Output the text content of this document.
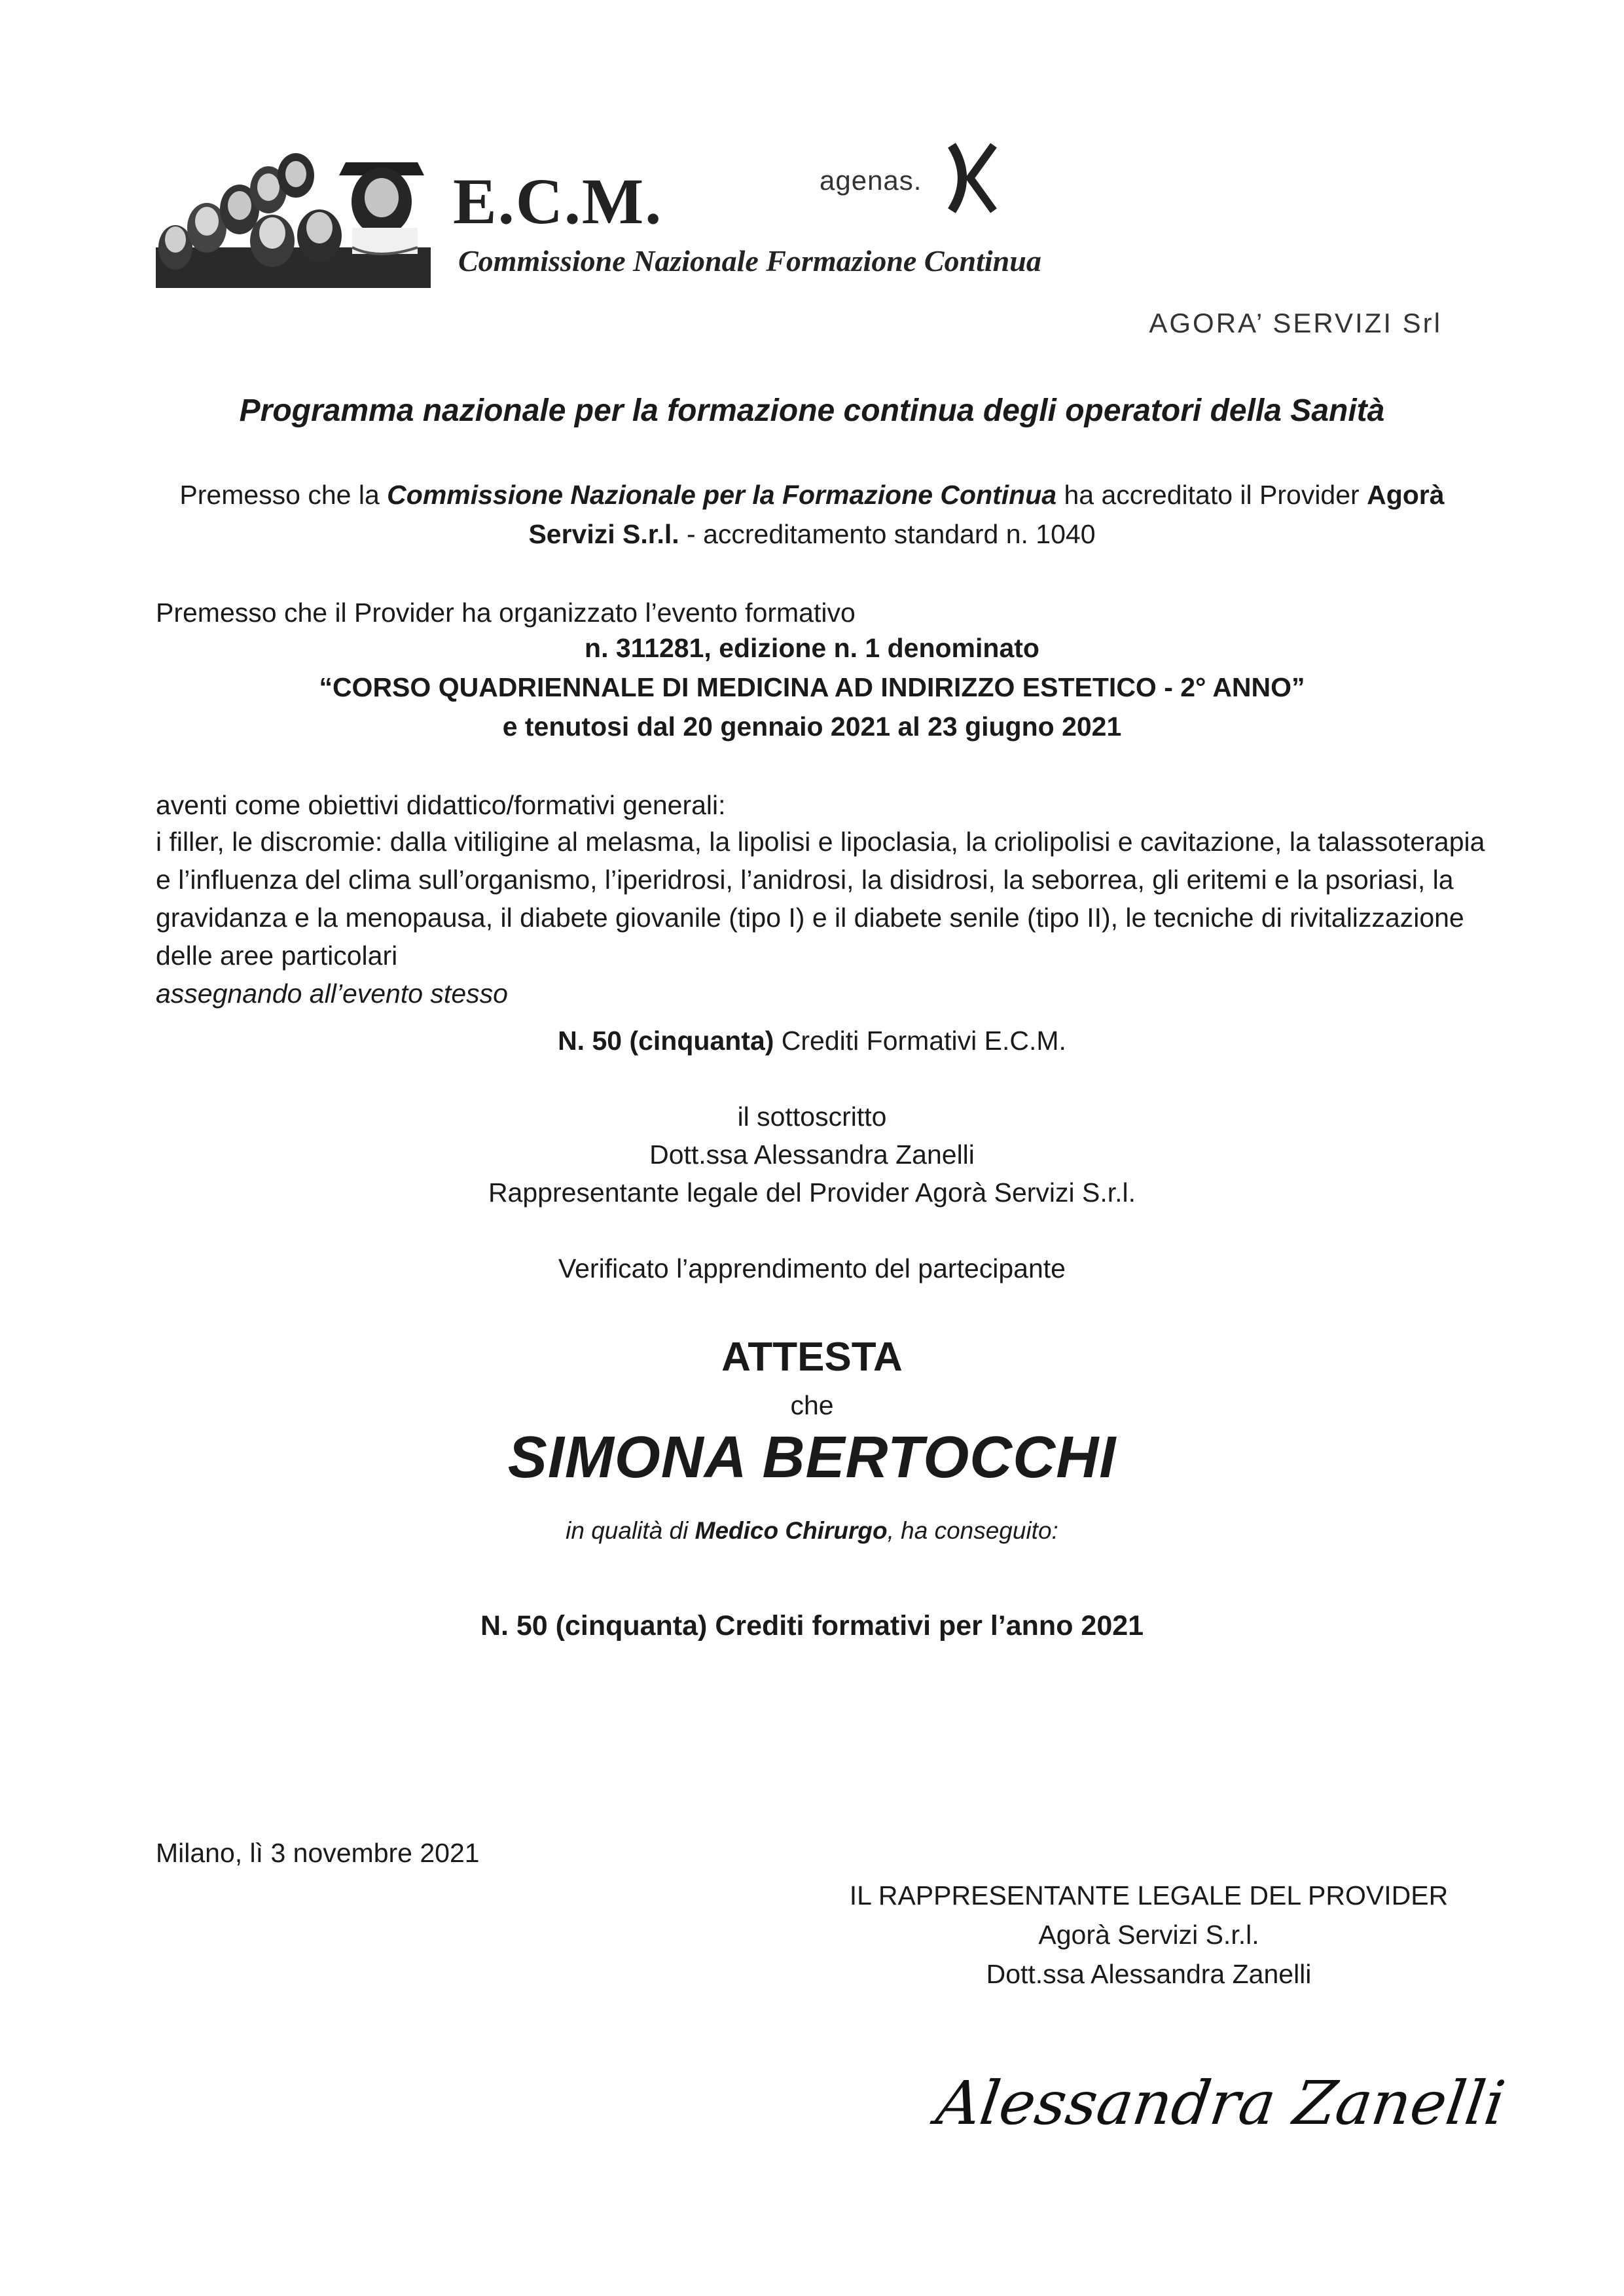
E.C.M.
Commissione Nazionale Formazione Continua
agenas.
AGORA’ SERVIZI Srl
Programma nazionale per la formazione continua degli operatori della Sanità
Premesso che la Commissione Nazionale per la Formazione Continua ha accreditato il Provider Agorà
Servizi S.r.l. - accreditamento standard n. 1040
Premesso che il Provider ha organizzato l’evento formativo
n. 311281, edizione n. 1 denominato
“CORSO QUADRIENNALE DI MEDICINA AD INDIRIZZO ESTETICO - 2° ANNO”
e tenutosi dal 20 gennaio 2021 al 23 giugno 2021
aventi come obiettivi didattico/formativi generali:
i filler, le discromie: dalla vitiligine al melasma, la lipolisi e lipoclasia, la criolipolisi e cavitazione, la talassoterapia
e l’influenza del clima sull’organismo, l’iperidrosi, l’anidrosi, la disidrosi, la seborrea, gli eritemi e la psoriasi, la
gravidanza e la menopausa, il diabete giovanile (tipo I) e il diabete senile (tipo II), le tecniche di rivitalizzazione
delle aree particolari
assegnando all’evento stesso
N. 50 (cinquanta) Crediti Formativi E.C.M.
il sottoscritto
Dott.ssa Alessandra Zanelli
Rappresentante legale del Provider Agorà Servizi S.r.l.
Verificato l’apprendimento del partecipante
ATTESTA
che
SIMONA BERTOCCHI
in qualità di Medico Chirurgo, ha conseguito:
N. 50 (cinquanta) Crediti formativi per l’anno 2021
Milano, lì 3 novembre 2021
IL RAPPRESENTANTE LEGALE DEL PROVIDER
Agorà Servizi S.r.l.
Dott.ssa Alessandra Zanelli
Alessandra Zanelli
